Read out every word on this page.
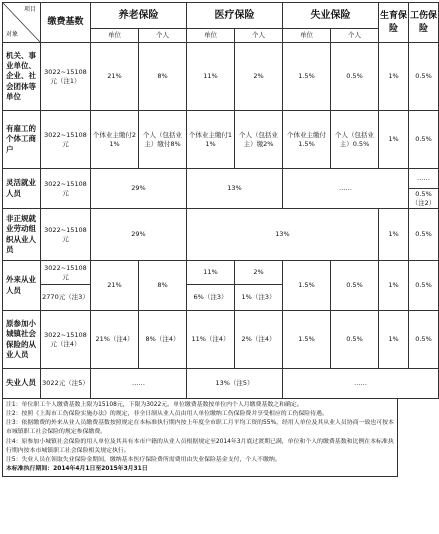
项目
对象	缴费基数	养老保险		医疗保险		失业保险		生育保险	工伤保险
		单位	个人	单位	个人	单位	个人		
机关、事业单位、企业、社会团体等单位	3022~15108元（注1）	21%	8%	11%	2%	1.5%	0.5%	1%	0.5%
有雇工的个体工商户	3022~15108元	个体业主缴付21%	个人（包括业主）缴付8%	个体业主缴付11%	个人（包括业主）缴2%	个体业主缴付1.5%	个人（包括业主）0.5%	1%	0.5%
灵活就业人员	3022~15108元	29%		13%		……			……
									0.5%（注2）
非正规就业劳动组织从业人员	3022~15108元	29%		13%				1%	0.5%
外来从业人员	3022~15108元	21%	8%	11%	2%	1.5%	0.5%	1%	0.5%
	2770元（注3）			6%（注3）	1%（注3）				
原参加小城镇社会保险的从业人员	3022~15108元（注4）	21%（注4）	8%（注4）	11%（注4）	2%（注4）	1.5%	0.5%	1%	0.5%
失业人员	3022元（注5）	……		13%（注5）		……			

注1：单位职工个人缴费基数上限为15108元，下限为3022元。单位缴费基数按单位内个人月缴费基数之和确定。

注2：按照《上海市工伤保险实施办法》的规定，非全日制从业人员由用人单位缴纳工伤保险费并享受相应的工伤保险待遇。

注3：依据缴费的外来从业人员缴费基数按照规定在本标准执行期内按上年度全市职工月平均工资的55%，经用人单位及其从业人员协商一致也可按本市城镇职工社会保险的规定参保缴费。

注4：原参加小城镇社会保险的用人单位及其具有本市户籍的从业人员根据规定至2014年3月底过渡期已满，单位和个人的缴费基数和比例在本标准执行期内按本市城镇职工社会保险相关规定执行。

注5：失业人员在领取失业保险金期间，缴纳基本医疗保险费所需费用由失业保险基金支付，个人不缴纳。

本标准执行期间：2014年4月1日至2015年3月31日
